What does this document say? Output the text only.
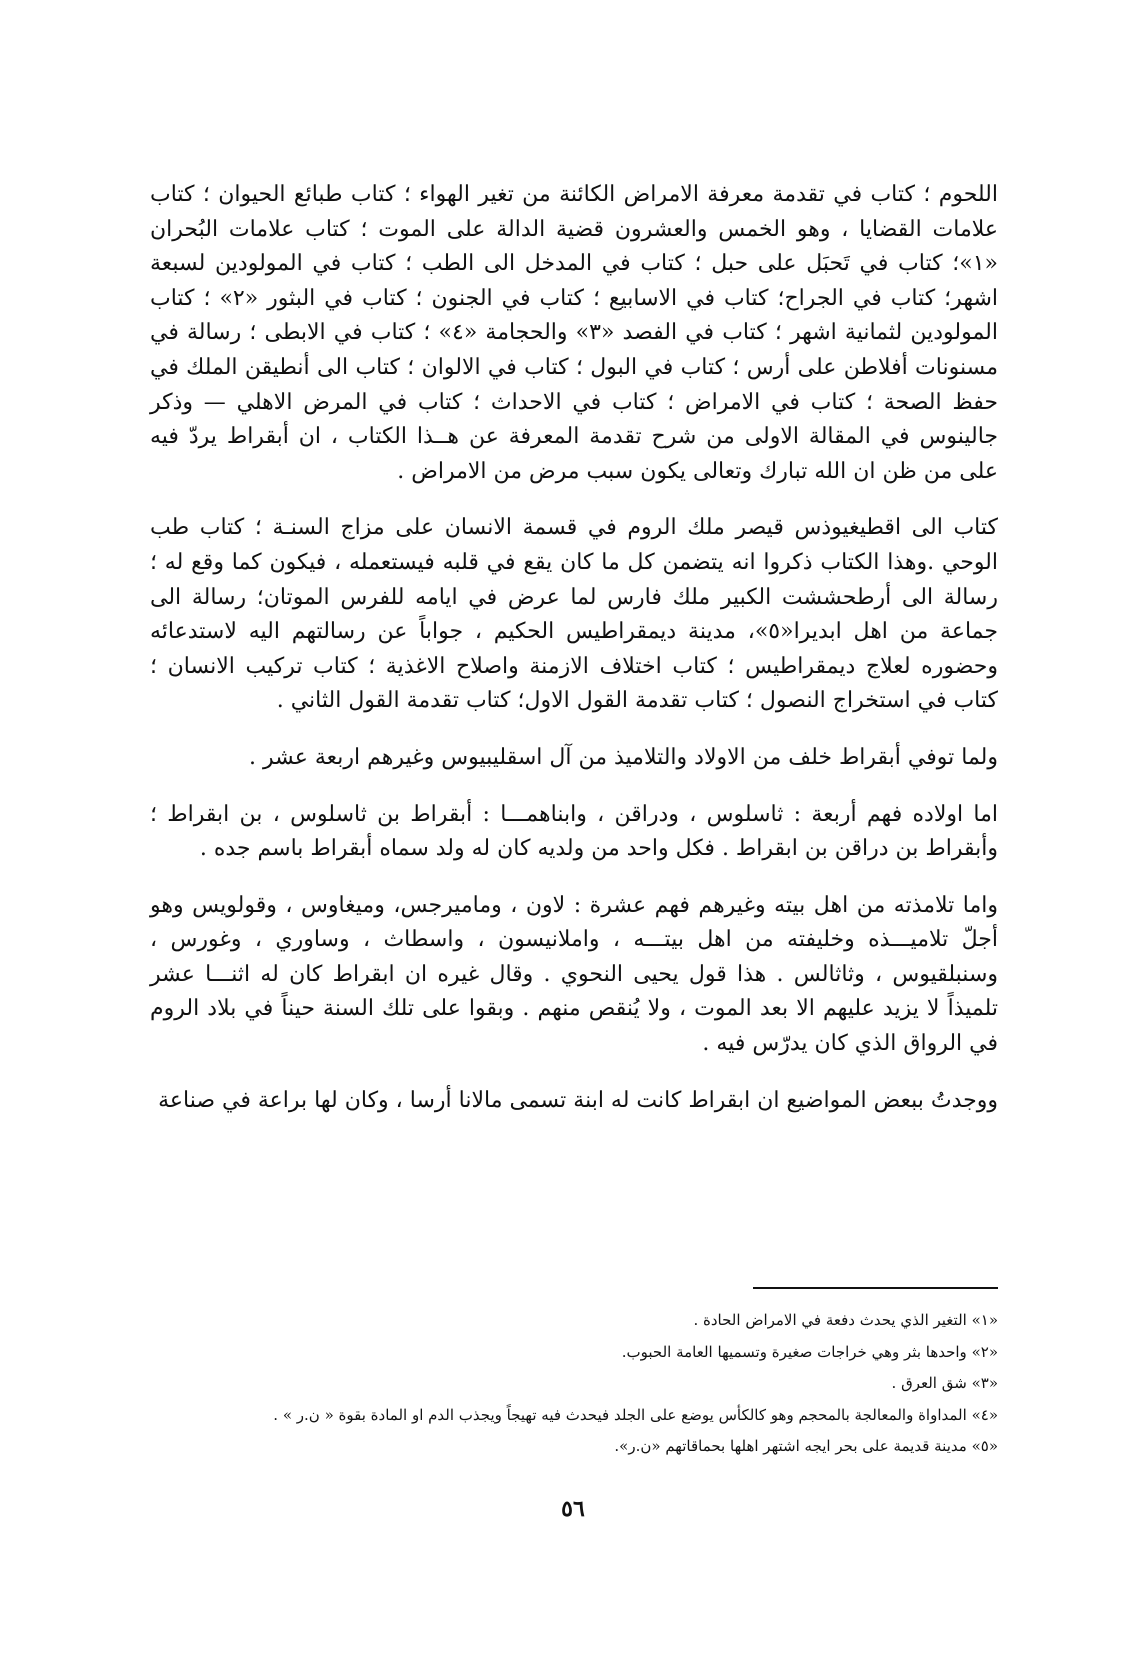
اللحوم ؛ كتاب في تقدمة معرفة الامراض الكائنة من تغير الهواء ؛ كتاب طبائع الحيوان ؛ كتاب علامات القضايا ، وهو الخمس والعشرون قضية الدالة على الموت ؛ كتاب علامات البُحران «١»؛ كتاب في تَحبَل على حبل ؛ كتاب في المدخل الى الطب ؛ كتاب في المولودين لسبعة اشهر؛ كتاب في الجراح؛ كتاب في الاسابيع ؛ كتاب في الجنون ؛ كتاب في البثور «٢» ؛ كتاب المولودين لثمانية اشهر ؛ كتاب في الفصد «٣» والحجامة «٤» ؛ كتاب في الابطى ؛ رسالة في مسنونات أفلاطن على أرس ؛ كتاب في البول ؛ كتاب في الالوان ؛ كتاب الى أنطيقن الملك في حفظ الصحة ؛ كتاب في الامراض ؛ كتاب في الاحداث ؛ كتاب في المرض الاهلي — وذكر جالينوس في المقالة الاولى من شرح تقدمة المعرفة عن هــذا الكتاب ، ان أبقراط يردّ فيه على من ظن ان الله تبارك وتعالى يكون سبب مرض من الامراض .

كتاب الى اقطيغيوذس قيصر ملك الروم في قسمة الانسان على مزاج السنـة ؛ كتاب طب الوحي .وهذا الكتاب ذكروا انه يتضمن كل ما كان يقع في قلبه فيستعمله ، فيكون كما وقع له ؛ رسالة الى أرطحششت الكبير ملك فارس لما عرض في ايامه للفرس الموتان؛ رسالة الى جماعة من اهل ابديرا«٥»، مدينة ديمقراطيس الحكيم ، جواباً عن رسالتهم اليه لاستدعائه وحضوره لعلاج ديمقراطيس ؛ كتاب اختلاف الازمنة واصلاح الاغذية ؛ كتاب تركيب الانسان ؛ كتاب في استخراج النصول ؛ كتاب تقدمة القول الاول؛ كتاب تقدمة القول الثاني .

ولما توفي أبقراط خلف من الاولاد والتلاميذ من آل اسقليبيوس وغيرهم اربعة عشر .

اما اولاده فهم أربعة : ثاسلوس ، ودراقن ، وابناهمـــا : أبقراط بن ثاسلوس ، بن ابقراط ؛ وأبقراط بن دراقن بن ابقراط . فكل واحد من ولديه كان له ولد سماه أبقراط باسم جده .

واما تلامذته من اهل بيته وغيرهم فهم عشرة : لاون ، وماميرجس، وميغاوس ، وقولويس وهو أجلّ تلاميـــذه وخليفته من اهل بيتـــه ، واملانيسون ، واسطاث ، وساوري ، وغورس ، وسنبلقيوس ، وثاثالس . هذا قول يحيى النحوي . وقال غيره ان ابقراط كان له اثنـــا عشر تلميذاً لا يزيد عليهم الا بعد الموت ، ولا يُنقص منهم . وبقوا على تلك السنة حيناً في بلاد الروم في الرواق الذي كان يدرّس فيه .

ووجدتُ ببعض المواضيع ان ابقراط كانت له ابنة تسمى مالانا أرسا ، وكان لها براعة في صناعة

«١» التغير الذي يحدث دفعة في الامراض الحادة .
«٢» واحدها بثر وهي خراجات صغيرة وتسميها العامة الحبوب.
«٣» شق العرق .
«٤» المداواة والمعالجة بالمحجم وهو كالكأس يوضع على الجلد فيحدث فيه تهيجاً ويجذب الدم او المادة بقوة « ن.ر » .
«٥» مدينة قديمة على بحر ايجه اشتهر اهلها بحماقاتهم «ن.ر».
٥٦
